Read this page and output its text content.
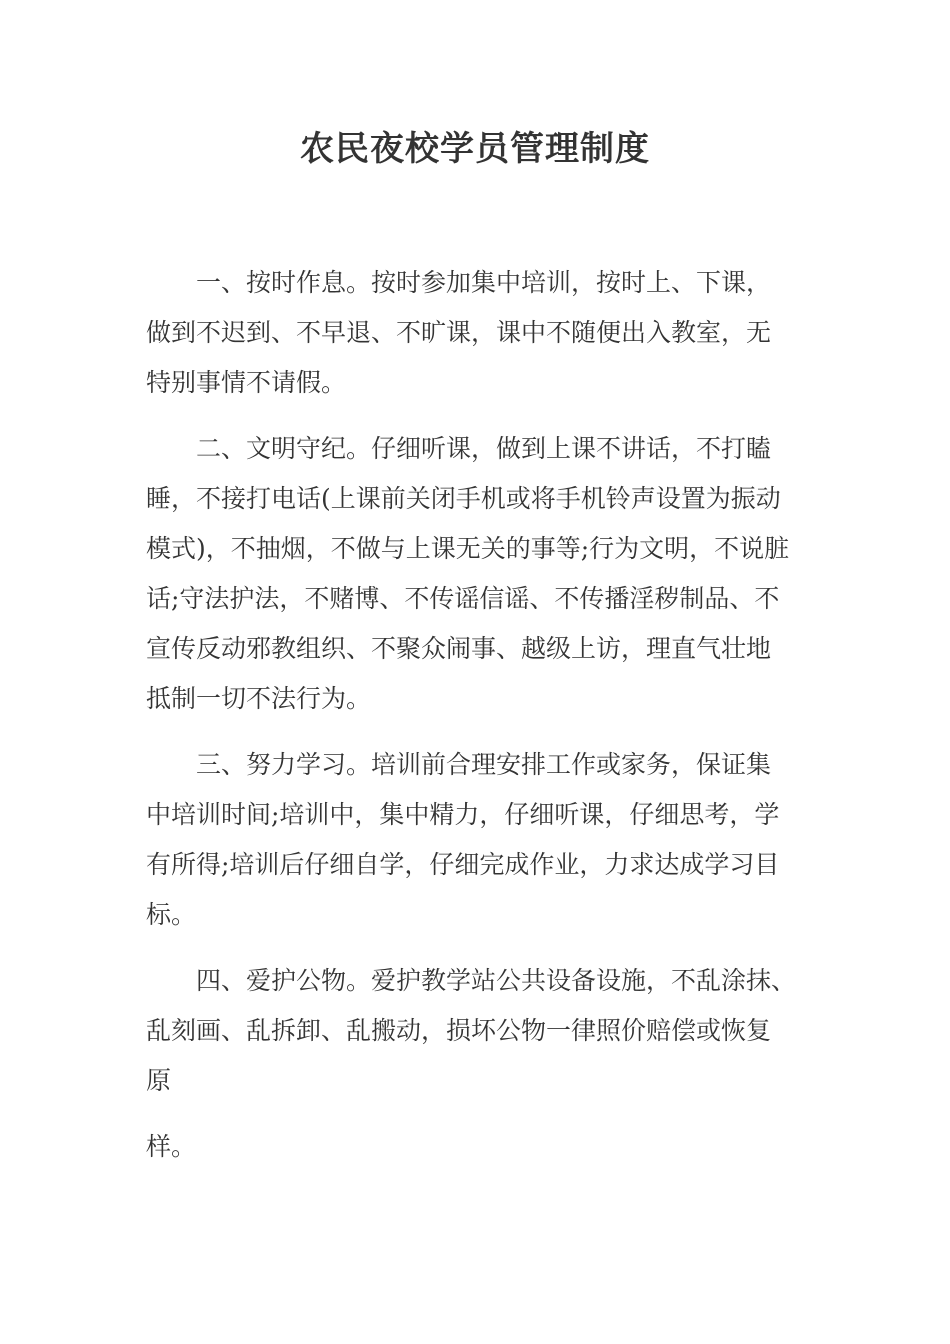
农民夜校学员管理制度

一、按时作息。按时参加集中培训，按时上、下课，
做到不迟到、不早退、不旷课，课中不随便出入教室，无
特别事情不请假。

二、文明守纪。仔细听课，做到上课不讲话，不打瞌
睡，不接打电话(上课前关闭手机或将手机铃声设置为振动
模式)，不抽烟，不做与上课无关的事等;行为文明，不说脏
话;守法护法，不赌博、不传谣信谣、不传播淫秽制品、不
宣传反动邪教组织、不聚众闹事、越级上访，理直气壮地
抵制一切不法行为。

三、努力学习。培训前合理安排工作或家务，保证集
中培训时间;培训中，集中精力，仔细听课，仔细思考，学
有所得;培训后仔细自学，仔细完成作业，力求达成学习目
标。

四、爱护公物。爱护教学站公共设备设施，不乱涂抹、
乱刻画、乱拆卸、乱搬动，损坏公物一律照价赔偿或恢复
原

样。
